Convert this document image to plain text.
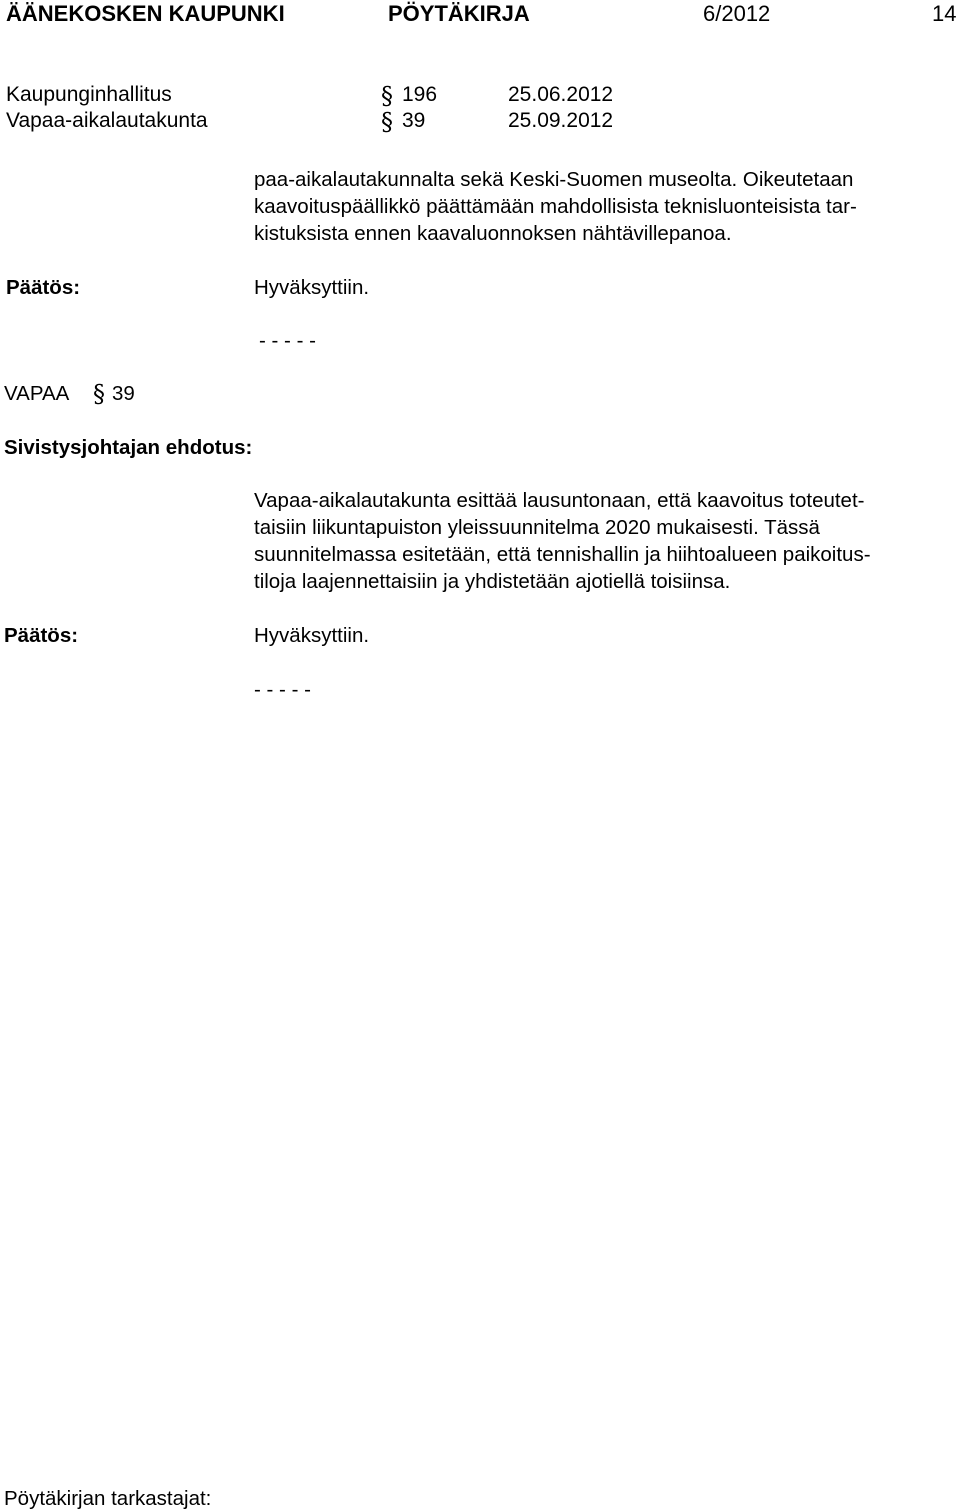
ÄÄNEKOSKEN KAUPUNKI	PÖYTÄKIRJA	6/2012	14
Kaupunginhallitus	§ 196	25.06.2012
Vapaa-aikalautakunta	§ 39	25.09.2012
paa-aikalautakunnalta sekä Keski-Suomen museolta. Oikeutetaan
kaavoituspäällikkö päättämään mahdollisista teknisluonteisista tar-
kistuksista ennen kaavaluonnoksen nähtävillepanoa.
Päätös:	Hyväksyttiin.
- - - - -
VAPAA § 39
Sivistysjohtajan ehdotus:
Vapaa-aikalautakunta esittää lausuntonaan, että kaavoitus toteutet-
taisiin liikuntapuiston yleissuunnitelma 2020 mukaisesti. Tässä
suunnitelmassa esitetään, että tennishallin ja hiihtoalueen paikoitus-
tiloja laajennettaisiin ja yhdistetään ajotiellä toisiinsa.
Päätös:	Hyväksyttiin.
- - - - -
Pöytäkirjan tarkastajat:
